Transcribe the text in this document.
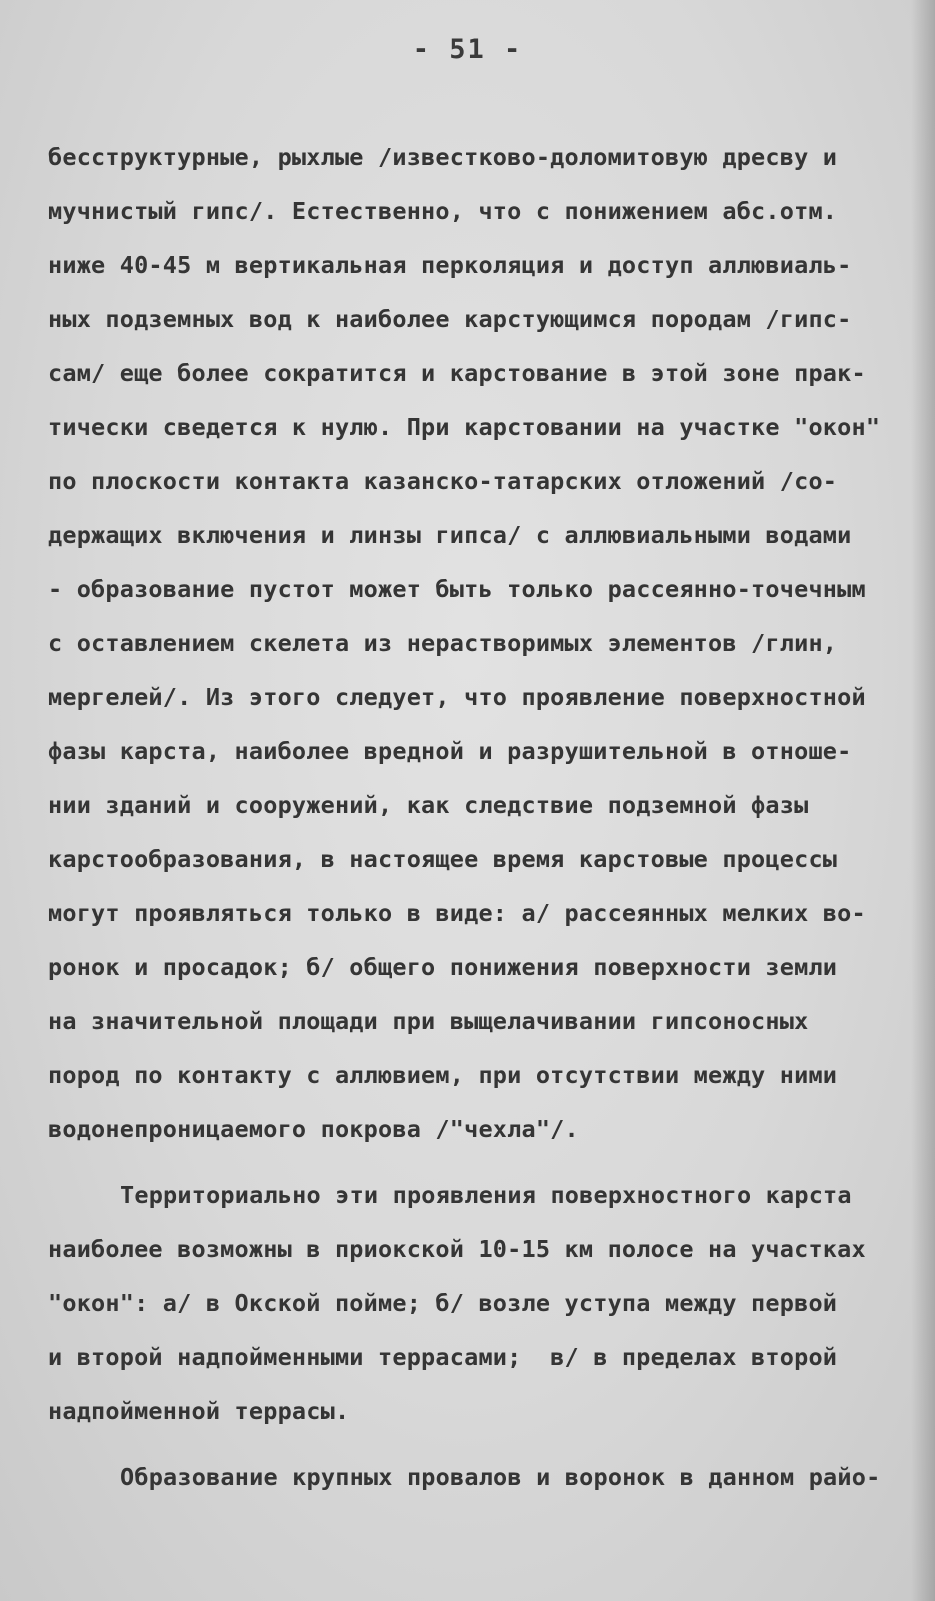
- 51 -
бесструктурные, рыхлые /известково-доломитовую дресву и
мучнистый гипс/. Естественно, что с понижением абс.отм.
ниже 40-45 м вертикальная перколяция и доступ аллювиаль-
ных подземных вод к наиболее карстующимся породам /гипс-
сам/ еще более сократится и карстование в этой зоне прак-
тически сведется к нулю. При карстовании на участке "окон"
по плоскости контакта казанско-татарских отложений /со-
держащих включения и линзы гипса/ с аллювиальными водами
- образование пустот может быть только рассеянно-точечным
с оставлением скелета из нерастворимых элементов /глин,
мергелей/. Из этого следует, что проявление поверхностной
фазы карста, наиболее вредной и разрушительной в отноше-
нии зданий и сооружений, как следствие подземной фазы
карстообразования, в настоящее время карстовые процессы
могут проявляться только в виде: а/ рассеянных мелких во-
ронок и просадок; б/ общего понижения поверхности земли
на значительной площади при выщелачивании гипсоносных
пород по контакту с аллювием, при отсутствии между ними
водонепроницаемого покрова /"чехла"/.
Территориально эти проявления поверхностного карста
наиболее возможны в приокской 10-15 км полосе на участках
"окон": а/ в Окской пойме; б/ возле уступа между первой
и второй надпойменными террасами;  в/ в пределах второй
надпойменной террасы.
Образование крупных провалов и воронок в данном райо-
